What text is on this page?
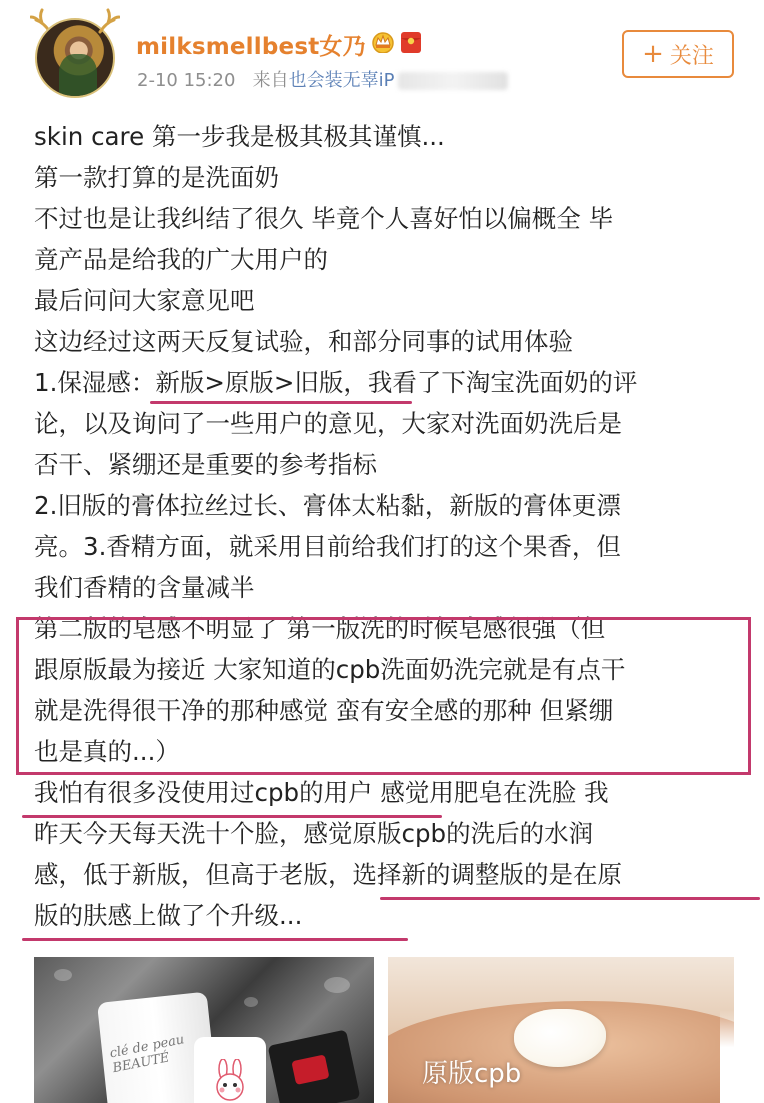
milksmellbest女乃
2-10 15:20 来自也会装无辜iP
+ 关注

skin care 第一步我是极其极其谨慎...

第一款打算的是洗面奶

不过也是让我纠结了很久 毕竟个人喜好怕以偏概全 毕

竟产品是给我的广大用户的

最后问问大家意见吧

这边经过这两天反复试验，和部分同事的试用体验

1.保湿感：新版>原版>旧版，我看了下淘宝洗面奶的评

论，以及询问了一些用户的意见，大家对洗面奶洗后是

否干、紧绷还是重要的参考指标

2.旧版的膏体拉丝过长、膏体太粘黏，新版的膏体更漂

亮。3.香精方面，就采用目前给我们打的这个果香，但

我们香精的含量减半

第二版的皂感不明显了 第一版洗的时候皂感很强（但

跟原版最为接近 大家知道的cpb洗面奶洗完就是有点干

就是洗得很干净的那种感觉 蛮有安全感的那种 但紧绷

也是真的...）

我怕有很多没使用过cpb的用户 感觉用肥皂在洗脸 我

昨天今天每天洗十个脸，感觉原版cpb的洗后的水润

感，低于新版，但高于老版，选择新的调整版的是在原

版的肤感上做了个升级...

clé de peau BEAUTÉ	原版cpb
